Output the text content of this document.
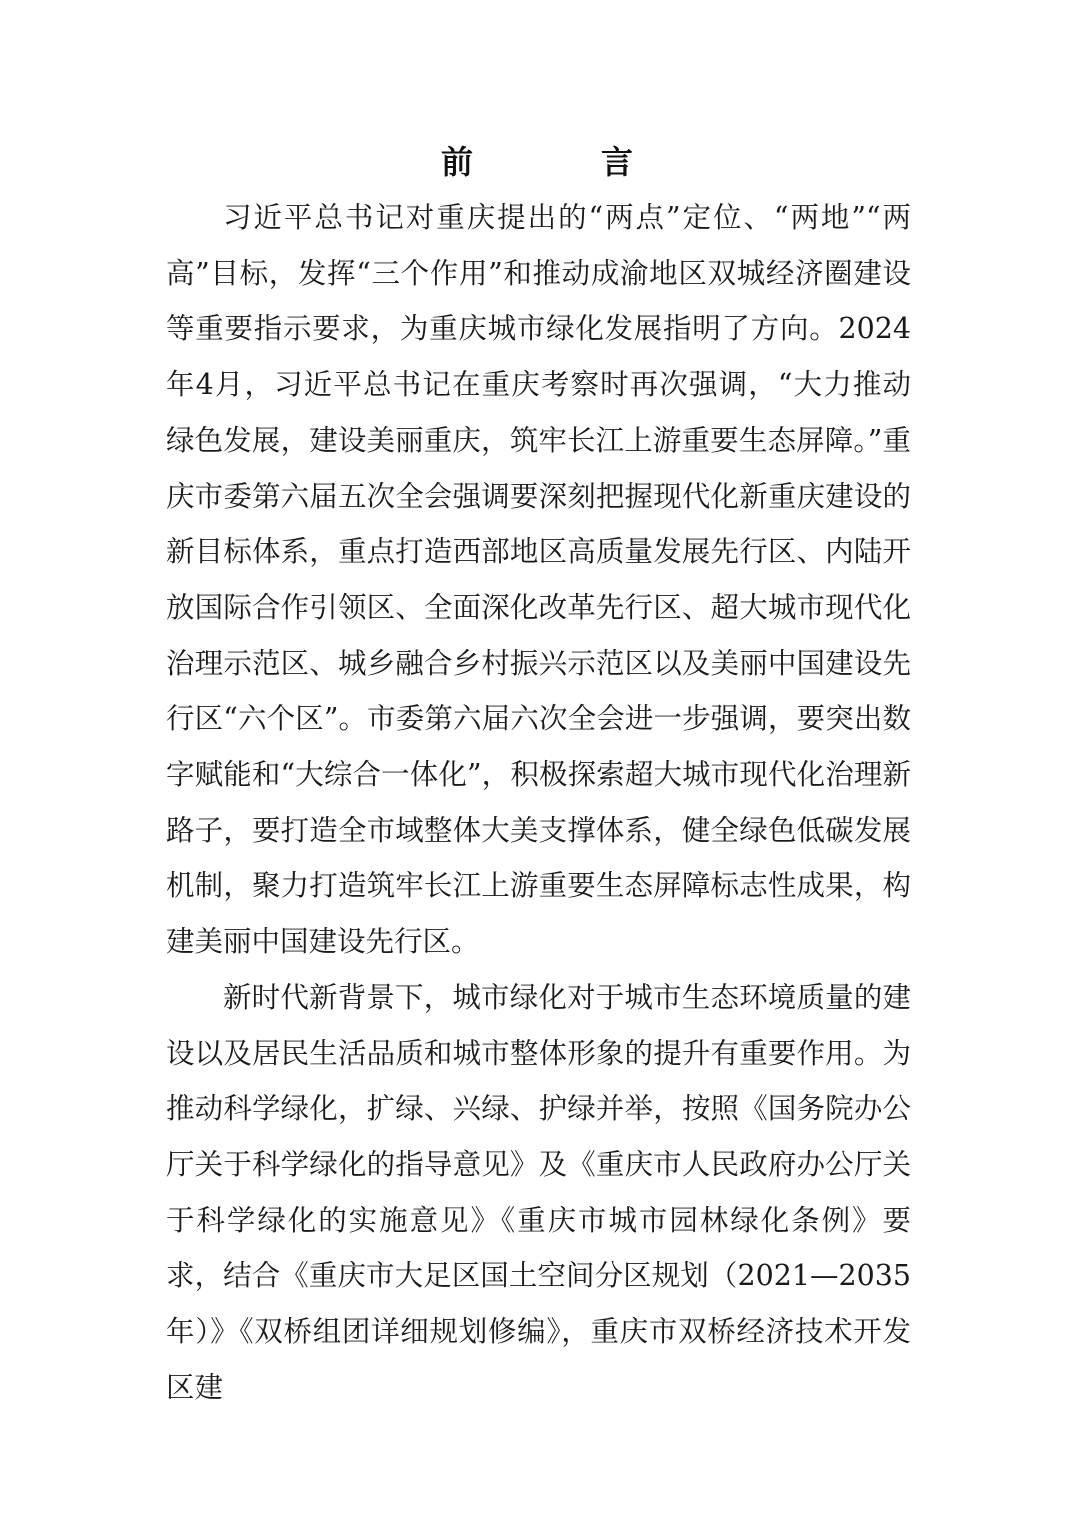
前　言

习近平总书记对重庆提出的“两点”定位、“两地”“两高”目标，发挥“三个作用”和推动成渝地区双城经济圈建设等重要指示要求，为重庆城市绿化发展指明了方向。2024年4月，习近平总书记在重庆考察时再次强调，“大力推动绿色发展，建设美丽重庆，筑牢长江上游重要生态屏障。”重庆市委第六届五次全会强调要深刻把握现代化新重庆建设的新目标体系，重点打造西部地区高质量发展先行区、内陆开放国际合作引领区、全面深化改革先行区、超大城市现代化治理示范区、城乡融合乡村振兴示范区以及美丽中国建设先行区“六个区”。市委第六届六次全会进一步强调，要突出数字赋能和“大综合一体化”，积极探索超大城市现代化治理新路子，要打造全市域整体大美支撑体系，健全绿色低碳发展机制，聚力打造筑牢长江上游重要生态屏障标志性成果，构建美丽中国建设先行区。

新时代新背景下，城市绿化对于城市生态环境质量的建设以及居民生活品质和城市整体形象的提升有重要作用。为推动科学绿化，扩绿、兴绿、护绿并举，按照《国务院办公厅关于科学绿化的指导意见》及《重庆市人民政府办公厅关于科学绿化的实施意见》《重庆市城市园林绿化条例》要求，结合《重庆市大足区国土空间分区规划（2021—2035年）》《双桥组团详细规划修编》，重庆市双桥经济技术开发区建
